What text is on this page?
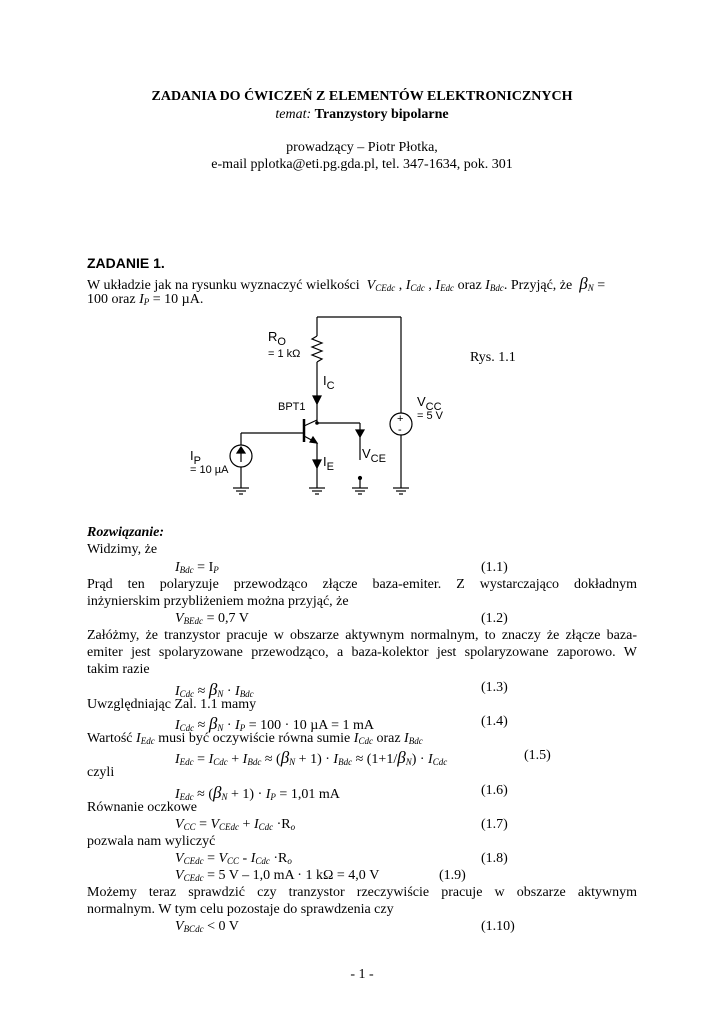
ZADANIA DO ĆWICZEŃ Z ELEMENTÓW ELEKTRONICZNYCH
temat: Tranzystory bipolarne
prowadzący – Piotr Płotka,
e-mail pplotka@eti.pg.gda.pl, tel. 347-1634, pok. 301
ZADANIE 1.
W układzie jak na rysunku wyznaczyć wielkości $V_{CEdc}$ , $I_{Cdc}$ , $I_{Edc}$ oraz $I_{Bdc}$. Przyjąć, że $\beta_N$ =
100 oraz $I_P = 10$ µA.
+
-
$R_O$
= 1 kΩ
$I_C$
BPT1	$V_{CC}$
= 5 V
$I_P$
= 10 µA
$I_E$
$V_{CE}$
Rys. 1.1
Rozwiązanie:
Widzimy, że
$I_{Bdc} = I_P$	(1.1)
Prąd ten polaryzuje przewodząco złącze baza-emiter. Z wystarczająco dokładnym
inżynierskim przybliżeniem można przyjąć, że
$V_{BEdc} = 0,7$ V	(1.2)
Załóżmy, że tranzystor pracuje w obszarze aktywnym normalnym, to znaczy że złącze baza-
emiter jest spolaryzowane przewodząco, a baza-kolektor jest spolaryzowane zaporowo. W
takim razie
$I_{Cdc} \approx \beta_N \cdot I_{Bdc}$	(1.3)
Uwzględniając Zal. 1.1 mamy
$I_{Cdc} \approx \beta_N \cdot I_P = 100 \cdot 10$ µA = 1 mA	(1.4)
Wartość $I_{Edc}$ musi być oczywiście równa sumie $I_{Cdc}$ oraz $I_{Bdc}$
$I_{Edc} = I_{Cdc} + I_{Bdc} \approx (\beta_N + 1) \cdot I_{Bdc} \approx (1+1/\beta_N) \cdot I_{Cdc}$	(1.5)
czyli
$I_{Edc} \approx (\beta_N + 1) \cdot I_P = 1,01$ mA	(1.6)
Równanie oczkowe
$V_{CC} = V_{CEdc} + I_{Cdc} \cdot R_o$	(1.7)
pozwala nam wyliczyć
$V_{CEdc} = V_{CC} - I_{Cdc} \cdot R_o$	(1.8)
$V_{CEdc} = 5$ V – 1,0 mA · 1 kΩ = 4,0 V	(1.9)
Możemy teraz sprawdzić czy tranzystor rzeczywiście pracuje w obszarze aktywnym
normalnym. W tym celu pozostaje do sprawdzenia czy
$V_{BCdc} < 0$ V	(1.10)
- 1 -
